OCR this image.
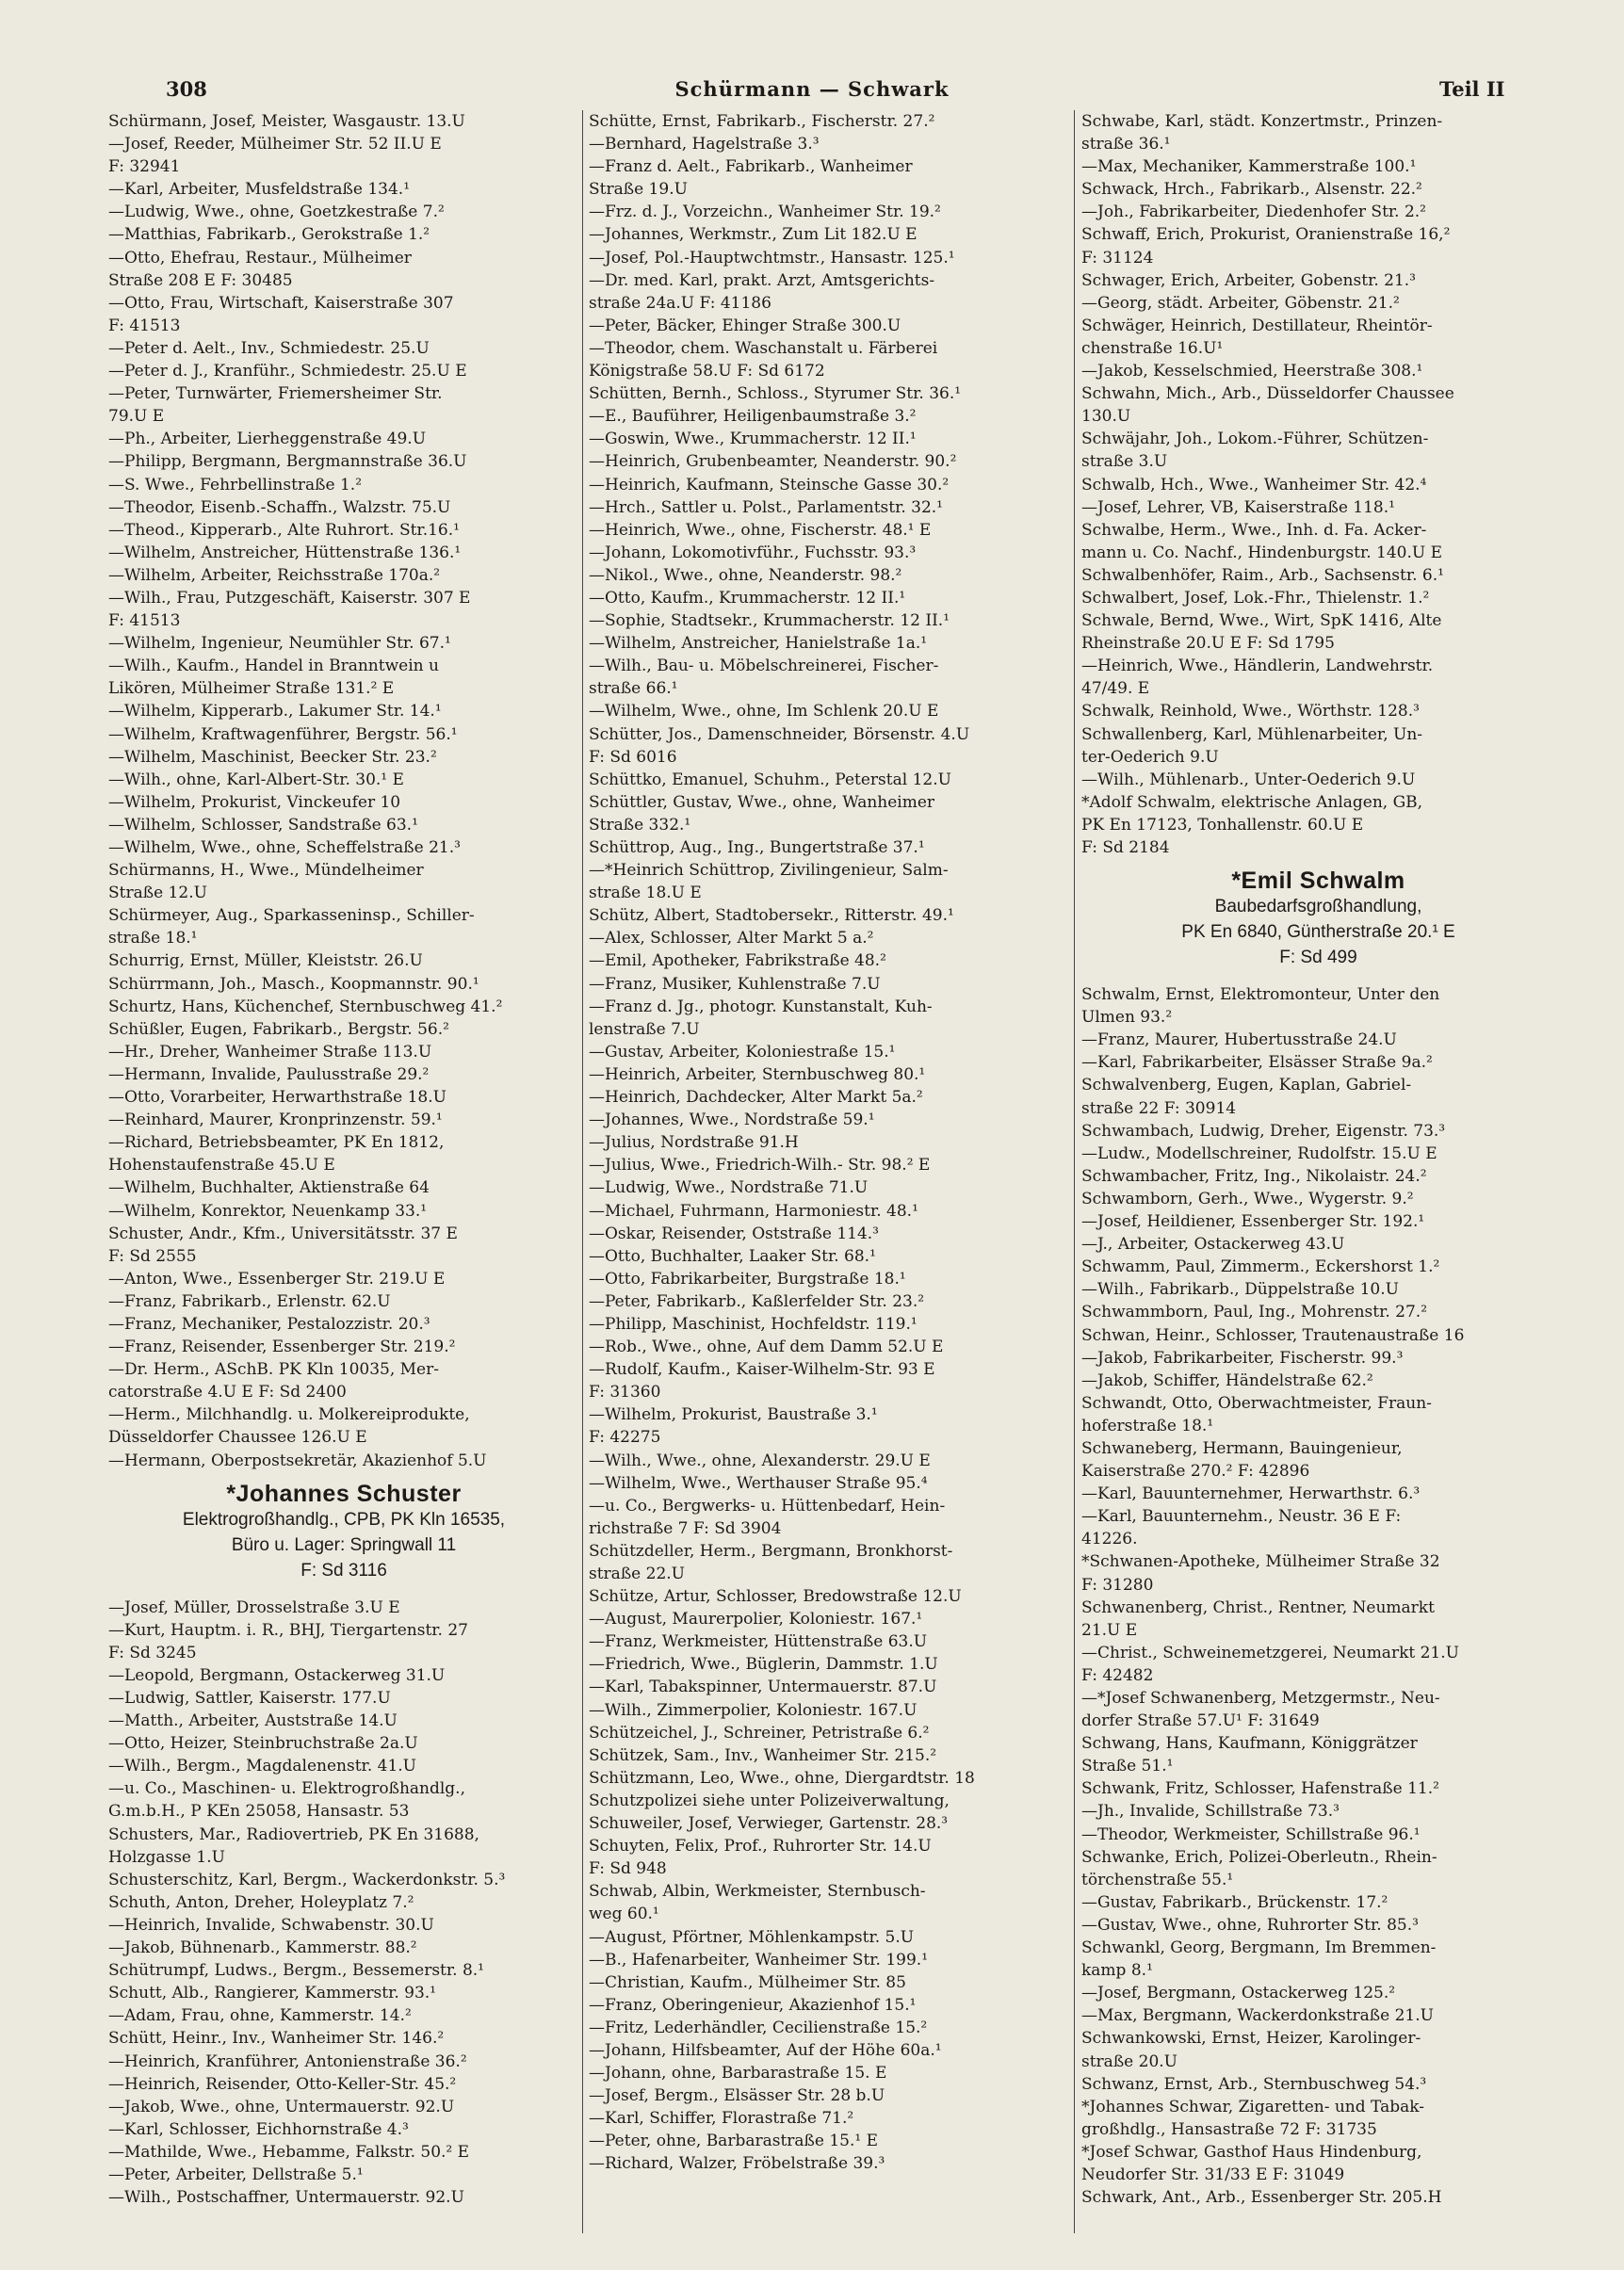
308	Schürmann — Schwark	Teil II
Schürmann, Josef, Meister, Wasgaustr. 13.U
—Josef, Reeder, Mülheimer Str. 52 II.U E
F: 32941
—Karl, Arbeiter, Musfeldstraße 134.¹
—Ludwig, Wwe., ohne, Goetzkestraße 7.²
—Matthias, Fabrikarb., Gerokstraße 1.²
—Otto, Ehefrau, Restaur., Mülheimer
Straße 208 E F: 30485
—Otto, Frau, Wirtschaft, Kaiserstraße 307
F: 41513
—Peter d. Aelt., Inv., Schmiedestr. 25.U
—Peter d. J., Kranführ., Schmiedestr. 25.U E
—Peter, Turnwärter, Friemersheimer Str.
79.U E
—Ph., Arbeiter, Lierheggenstraße 49.U
—Philipp, Bergmann, Bergmannstraße 36.U
—S. Wwe., Fehrbellinstraße 1.²
—Theodor, Eisenb.-Schaffn., Walzstr. 75.U
—Theod., Kipperarb., Alte Ruhrort. Str.16.¹
—Wilhelm, Anstreicher, Hüttenstraße 136.¹
—Wilhelm, Arbeiter, Reichsstraße 170a.²
—Wilh., Frau, Putzgeschäft, Kaiserstr. 307 E
F: 41513
—Wilhelm, Ingenieur, Neumühler Str. 67.¹
—Wilh., Kaufm., Handel in Branntwein u
Likören, Mülheimer Straße 131.² E
—Wilhelm, Kipperarb., Lakumer Str. 14.¹
—Wilhelm, Kraftwagenführer, Bergstr. 56.¹
—Wilhelm, Maschinist, Beecker Str. 23.²
—Wilh., ohne, Karl-Albert-Str. 30.¹ E
—Wilhelm, Prokurist, Vinckeufer 10
—Wilhelm, Schlosser, Sandstraße 63.¹
—Wilhelm, Wwe., ohne, Scheffelstraße 21.³
Schürmanns, H., Wwe., Mündelheimer
Straße 12.U
Schürmeyer, Aug., Sparkasseninsp., Schiller-
straße 18.¹
Schurrig, Ernst, Müller, Kleiststr. 26.U
Schürrmann, Joh., Masch., Koopmannstr. 90.¹
Schurtz, Hans, Küchenchef, Sternbuschweg 41.²
Schüßler, Eugen, Fabrikarb., Bergstr. 56.²
—Hr., Dreher, Wanheimer Straße 113.U
—Hermann, Invalide, Paulusstraße 29.²
—Otto, Vorarbeiter, Herwarthstraße 18.U
—Reinhard, Maurer, Kronprinzenstr. 59.¹
—Richard, Betriebsbeamter, PK En 1812,
Hohenstaufenstraße 45.U E
—Wilhelm, Buchhalter, Aktienstraße 64
—Wilhelm, Konrektor, Neuenkamp 33.¹
Schuster, Andr., Kfm., Universitätsstr. 37 E
F: Sd 2555
—Anton, Wwe., Essenberger Str. 219.U E
—Franz, Fabrikarb., Erlenstr. 62.U
—Franz, Mechaniker, Pestalozzistr. 20.³
—Franz, Reisender, Essenberger Str. 219.²
—Dr. Herm., ASchB. PK Kln 10035, Mer-
catorstraße 4.U E F: Sd 2400
—Herm., Milchhandlg. u. Molkereiprodukte,
Düsseldorfer Chaussee 126.U E
—Hermann, Oberpostsekretär, Akazienhof 5.U
*Johannes Schuster
Elektrogroßhandlg., CPB, PK Kln 16535,
Büro u. Lager: Springwall 11
F: Sd 3116
—Josef, Müller, Drosselstraße 3.U E
—Kurt, Hauptm. i. R., BHJ, Tiergartenstr. 27
F: Sd 3245
—Leopold, Bergmann, Ostackerweg 31.U
—Ludwig, Sattler, Kaiserstr. 177.U
—Matth., Arbeiter, Auststraße 14.U
—Otto, Heizer, Steinbruchstraße 2a.U
—Wilh., Bergm., Magdalenenstr. 41.U
—u. Co., Maschinen- u. Elektrogroßhandlg.,
G.m.b.H., P KEn 25058, Hansastr. 53
Schusters, Mar., Radiovertrieb, PK En 31688,
Holzgasse 1.U
Schusterschitz, Karl, Bergm., Wackerdonkstr. 5.³
Schuth, Anton, Dreher, Holeyplatz 7.²
—Heinrich, Invalide, Schwabenstr. 30.U
—Jakob, Bühnenarb., Kammerstr. 88.²
Schütrumpf, Ludws., Bergm., Bessemerstr. 8.¹
Schutt, Alb., Rangierer, Kammerstr. 93.¹
—Adam, Frau, ohne, Kammerstr. 14.²
Schütt, Heinr., Inv., Wanheimer Str. 146.²
—Heinrich, Kranführer, Antonienstraße 36.²
—Heinrich, Reisender, Otto-Keller-Str. 45.²
—Jakob, Wwe., ohne, Untermauerstr. 92.U
—Karl, Schlosser, Eichhornstraße 4.³
—Mathilde, Wwe., Hebamme, Falkstr. 50.² E
—Peter, Arbeiter, Dellstraße 5.¹
—Wilh., Postschaffner, Untermauerstr. 92.U
Schütte, Ernst, Fabrikarb., Fischerstr. 27.²
—Bernhard, Hagelstraße 3.³
—Franz d. Aelt., Fabrikarb., Wanheimer
Straße 19.U
—Frz. d. J., Vorzeichn., Wanheimer Str. 19.²
—Johannes, Werkmstr., Zum Lit 182.U E
—Josef, Pol.-Hauptwchtmstr., Hansastr. 125.¹
—Dr. med. Karl, prakt. Arzt, Amtsgerichts-
straße 24a.U F: 41186
—Peter, Bäcker, Ehinger Straße 300.U
—Theodor, chem. Waschanstalt u. Färberei
Königstraße 58.U F: Sd 6172
Schütten, Bernh., Schloss., Styrumer Str. 36.¹
—E., Bauführer, Heiligenbaumstraße 3.²
—Goswin, Wwe., Krummacherstr. 12 II.¹
—Heinrich, Grubenbeamter, Neanderstr. 90.²
—Heinrich, Kaufmann, Steinsche Gasse 30.²
—Hrch., Sattler u. Polst., Parlamentstr. 32.¹
—Heinrich, Wwe., ohne, Fischerstr. 48.¹ E
—Johann, Lokomotivführ., Fuchsstr. 93.³
—Nikol., Wwe., ohne, Neanderstr. 98.²
—Otto, Kaufm., Krummacherstr. 12 II.¹
—Sophie, Stadtsekr., Krummacherstr. 12 II.¹
—Wilhelm, Anstreicher, Hanielstraße 1a.¹
—Wilh., Bau- u. Möbelschreinerei, Fischer-
straße 66.¹
—Wilhelm, Wwe., ohne, Im Schlenk 20.U E
Schütter, Jos., Damenschneider, Börsenstr. 4.U
F: Sd 6016
Schüttko, Emanuel, Schuhm., Peterstal 12.U
Schüttler, Gustav, Wwe., ohne, Wanheimer
Straße 332.¹
Schüttrop, Aug., Ing., Bungertstraße 37.¹
—*Heinrich Schüttrop, Zivilingenieur, Salm-
straße 18.U E
Schütz, Albert, Stadtobersekr., Ritterstr. 49.¹
—Alex, Schlosser, Alter Markt 5 a.²
—Emil, Apotheker, Fabrikstraße 48.²
—Franz, Musiker, Kuhlenstraße 7.U
—Franz d. Jg., photogr. Kunstanstalt, Kuh-
lenstraße 7.U
—Gustav, Arbeiter, Koloniestraße 15.¹
—Heinrich, Arbeiter, Sternbuschweg 80.¹
—Heinrich, Dachdecker, Alter Markt 5a.²
—Johannes, Wwe., Nordstraße 59.¹
—Julius, Nordstraße 91.H
—Julius, Wwe., Friedrich-Wilh.- Str. 98.² E
—Ludwig, Wwe., Nordstraße 71.U
—Michael, Fuhrmann, Harmoniestr. 48.¹
—Oskar, Reisender, Oststraße 114.³
—Otto, Buchhalter, Laaker Str. 68.¹
—Otto, Fabrikarbeiter, Burgstraße 18.¹
—Peter, Fabrikarb., Kaßlerfelder Str. 23.²
—Philipp, Maschinist, Hochfeldstr. 119.¹
—Rob., Wwe., ohne, Auf dem Damm 52.U E
—Rudolf, Kaufm., Kaiser-Wilhelm-Str. 93 E
F: 31360
—Wilhelm, Prokurist, Baustraße 3.¹
F: 42275
—Wilh., Wwe., ohne, Alexanderstr. 29.U E
—Wilhelm, Wwe., Werthauser Straße 95.⁴
—u. Co., Bergwerks- u. Hüttenbedarf, Hein-
richstraße 7 F: Sd 3904
Schützdeller, Herm., Bergmann, Bronkhorst-
straße 22.U
Schütze, Artur, Schlosser, Bredowstraße 12.U
—August, Maurerpolier, Koloniestr. 167.¹
—Franz, Werkmeister, Hüttenstraße 63.U
—Friedrich, Wwe., Büglerin, Dammstr. 1.U
—Karl, Tabakspinner, Untermauerstr. 87.U
—Wilh., Zimmerpolier, Koloniestr. 167.U
Schützeichel, J., Schreiner, Petristraße 6.²
Schützek, Sam., Inv., Wanheimer Str. 215.²
Schützmann, Leo, Wwe., ohne, Diergardtstr. 18
Schutzpolizei siehe unter Polizeiverwaltung,
Schuweiler, Josef, Verwieger, Gartenstr. 28.³
Schuyten, Felix, Prof., Ruhrorter Str. 14.U
F: Sd 948
Schwab, Albin, Werkmeister, Sternbusch-
weg 60.¹
—August, Pförtner, Möhlenkampstr. 5.U
—B., Hafenarbeiter, Wanheimer Str. 199.¹
—Christian, Kaufm., Mülheimer Str. 85
—Franz, Oberingenieur, Akazienhof 15.¹
—Fritz, Lederhändler, Cecilienstraße 15.²
—Johann, Hilfsbeamter, Auf der Höhe 60a.¹
—Johann, ohne, Barbarastraße 15. E
—Josef, Bergm., Elsässer Str. 28 b.U
—Karl, Schiffer, Florastraße 71.²
—Peter, ohne, Barbarastraße 15.¹ E
—Richard, Walzer, Fröbelstraße 39.³
Schwabe, Karl, städt. Konzertmstr., Prinzen-
straße 36.¹
—Max, Mechaniker, Kammerstraße 100.¹
Schwack, Hrch., Fabrikarb., Alsenstr. 22.²
—Joh., Fabrikarbeiter, Diedenhofer Str. 2.²
Schwaff, Erich, Prokurist, Oranienstraße 16,²
F: 31124
Schwager, Erich, Arbeiter, Gobenstr. 21.³
—Georg, städt. Arbeiter, Göbenstr. 21.²
Schwäger, Heinrich, Destillateur, Rheintör-
chenstraße 16.U¹
—Jakob, Kesselschmied, Heerstraße 308.¹
Schwahn, Mich., Arb., Düsseldorfer Chaussee
130.U
Schwäjahr, Joh., Lokom.-Führer, Schützen-
straße 3.U
Schwalb, Hch., Wwe., Wanheimer Str. 42.⁴
—Josef, Lehrer, VB, Kaiserstraße 118.¹
Schwalbe, Herm., Wwe., Inh. d. Fa. Acker-
mann u. Co. Nachf., Hindenburgstr. 140.U E
Schwalbenhöfer, Raim., Arb., Sachsenstr. 6.¹
Schwalbert, Josef, Lok.-Fhr., Thielenstr. 1.²
Schwale, Bernd, Wwe., Wirt, SpK 1416, Alte
Rheinstraße 20.U E F: Sd 1795
—Heinrich, Wwe., Händlerin, Landwehrstr.
47/49. E
Schwalk, Reinhold, Wwe., Wörthstr. 128.³
Schwallenberg, Karl, Mühlenarbeiter, Un-
ter-Oederich 9.U
—Wilh., Mühlenarb., Unter-Oederich 9.U
*Adolf Schwalm, elektrische Anlagen, GB,
PK En 17123, Tonhallenstr. 60.U E
F: Sd 2184
*Emil Schwalm
Baubedarfsgroßhandlung,
PK En 6840, Güntherstraße 20.¹ E
F: Sd 499
Schwalm, Ernst, Elektromonteur, Unter den
Ulmen 93.²
—Franz, Maurer, Hubertusstraße 24.U
—Karl, Fabrikarbeiter, Elsässer Straße 9a.²
Schwalvenberg, Eugen, Kaplan, Gabriel-
straße 22 F: 30914
Schwambach, Ludwig, Dreher, Eigenstr. 73.³
—Ludw., Modellschreiner, Rudolfstr. 15.U E
Schwambacher, Fritz, Ing., Nikolaistr. 24.²
Schwamborn, Gerh., Wwe., Wygerstr. 9.²
—Josef, Heildiener, Essenberger Str. 192.¹
—J., Arbeiter, Ostackerweg 43.U
Schwamm, Paul, Zimmerm., Eckershorst 1.²
—Wilh., Fabrikarb., Düppelstraße 10.U
Schwammborn, Paul, Ing., Mohrenstr. 27.²
Schwan, Heinr., Schlosser, Trautenaustraße 16
—Jakob, Fabrikarbeiter, Fischerstr. 99.³
—Jakob, Schiffer, Händelstraße 62.²
Schwandt, Otto, Oberwachtmeister, Fraun-
hoferstraße 18.¹
Schwaneberg, Hermann, Bauingenieur,
Kaiserstraße 270.² F: 42896
—Karl, Bauunternehmer, Herwarthstr. 6.³
—Karl, Bauunternehm., Neustr. 36 E F:
41226.
*Schwanen-Apotheke, Mülheimer Straße 32
F: 31280
Schwanenberg, Christ., Rentner, Neumarkt
21.U E
—Christ., Schweinemetzgerei, Neumarkt 21.U
F: 42482
—*Josef Schwanenberg, Metzgermstr., Neu-
dorfer Straße 57.U¹ F: 31649
Schwang, Hans, Kaufmann, Königgrätzer
Straße 51.¹
Schwank, Fritz, Schlosser, Hafenstraße 11.²
—Jh., Invalide, Schillstraße 73.³
—Theodor, Werkmeister, Schillstraße 96.¹
Schwanke, Erich, Polizei-Oberleutn., Rhein-
törchenstraße 55.¹
—Gustav, Fabrikarb., Brückenstr. 17.²
—Gustav, Wwe., ohne, Ruhrorter Str. 85.³
Schwankl, Georg, Bergmann, Im Bremmen-
kamp 8.¹
—Josef, Bergmann, Ostackerweg 125.²
—Max, Bergmann, Wackerdonkstraße 21.U
Schwankowski, Ernst, Heizer, Karolinger-
straße 20.U
Schwanz, Ernst, Arb., Sternbuschweg 54.³
*Johannes Schwar, Zigaretten- und Tabak-
großhdlg., Hansastraße 72 F: 31735
*Josef Schwar, Gasthof Haus Hindenburg,
Neudorfer Str. 31/33 E F: 31049
Schwark, Ant., Arb., Essenberger Str. 205.H
